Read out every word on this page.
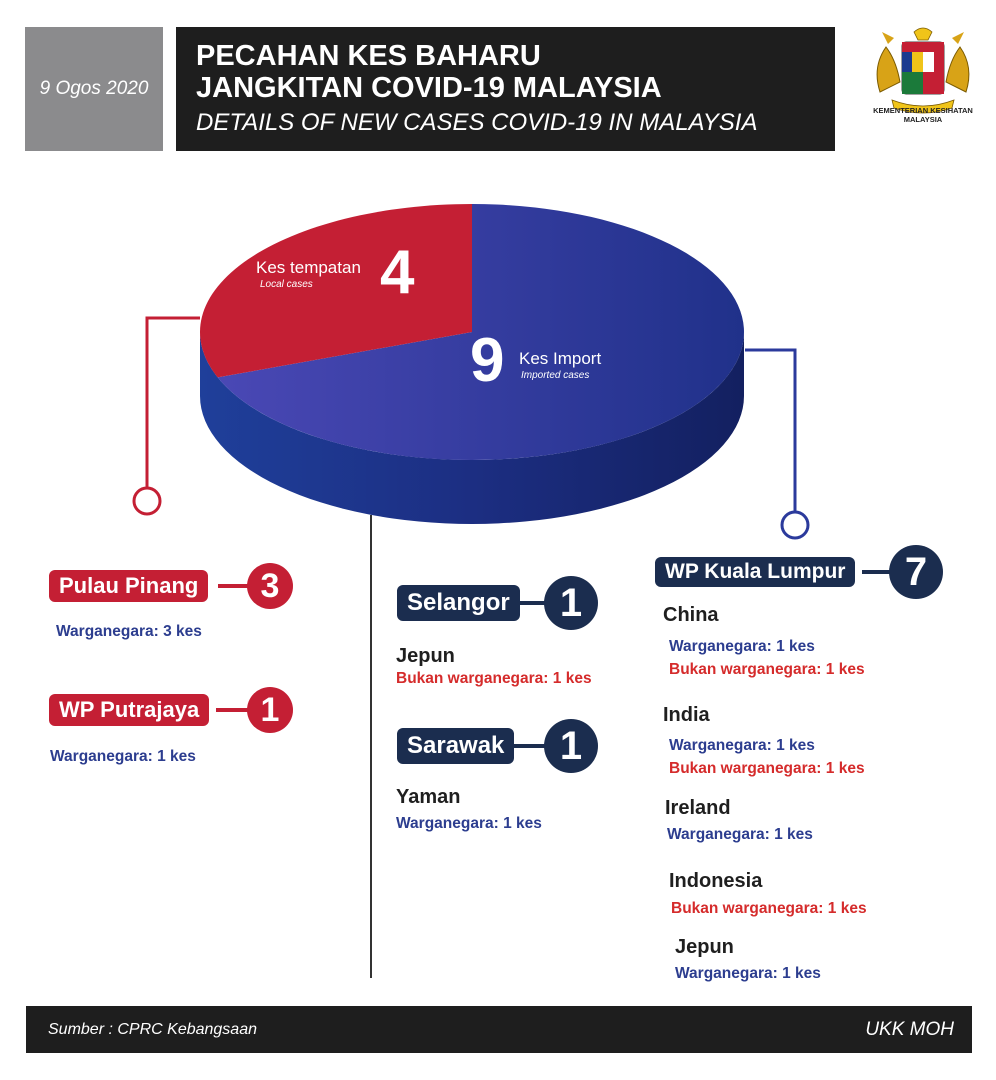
9 Ogos 2020
PECAHAN KES BAHARU
JANGKITAN COVID-19 MALAYSIA
DETAILS OF NEW CASES COVID-19 IN MALAYSIA	KEMENTERIAN KESIHATAN MALAYSIA
Kes tempatan
Local cases 4
9 Kes Import
Imported cases
Pulau Pinang	3
Warganegara: 3 kes
WP Putrajaya	1
Warganegara: 1 kes
Selangor	1
Jepun
Bukan warganegara: 1 kes
Sarawak	1
Yaman
Warganegara: 1 kes
WP Kuala Lumpur	7
China
Warganegara: 1 kes
Bukan warganegara: 1 kes
India
Warganegara: 1 kes
Bukan warganegara: 1 kes
Ireland
Warganegara: 1 kes
Indonesia
Bukan warganegara: 1 kes
Jepun
Warganegara: 1 kes
Sumber : CPRC Kebangsaan	UKK MOH
